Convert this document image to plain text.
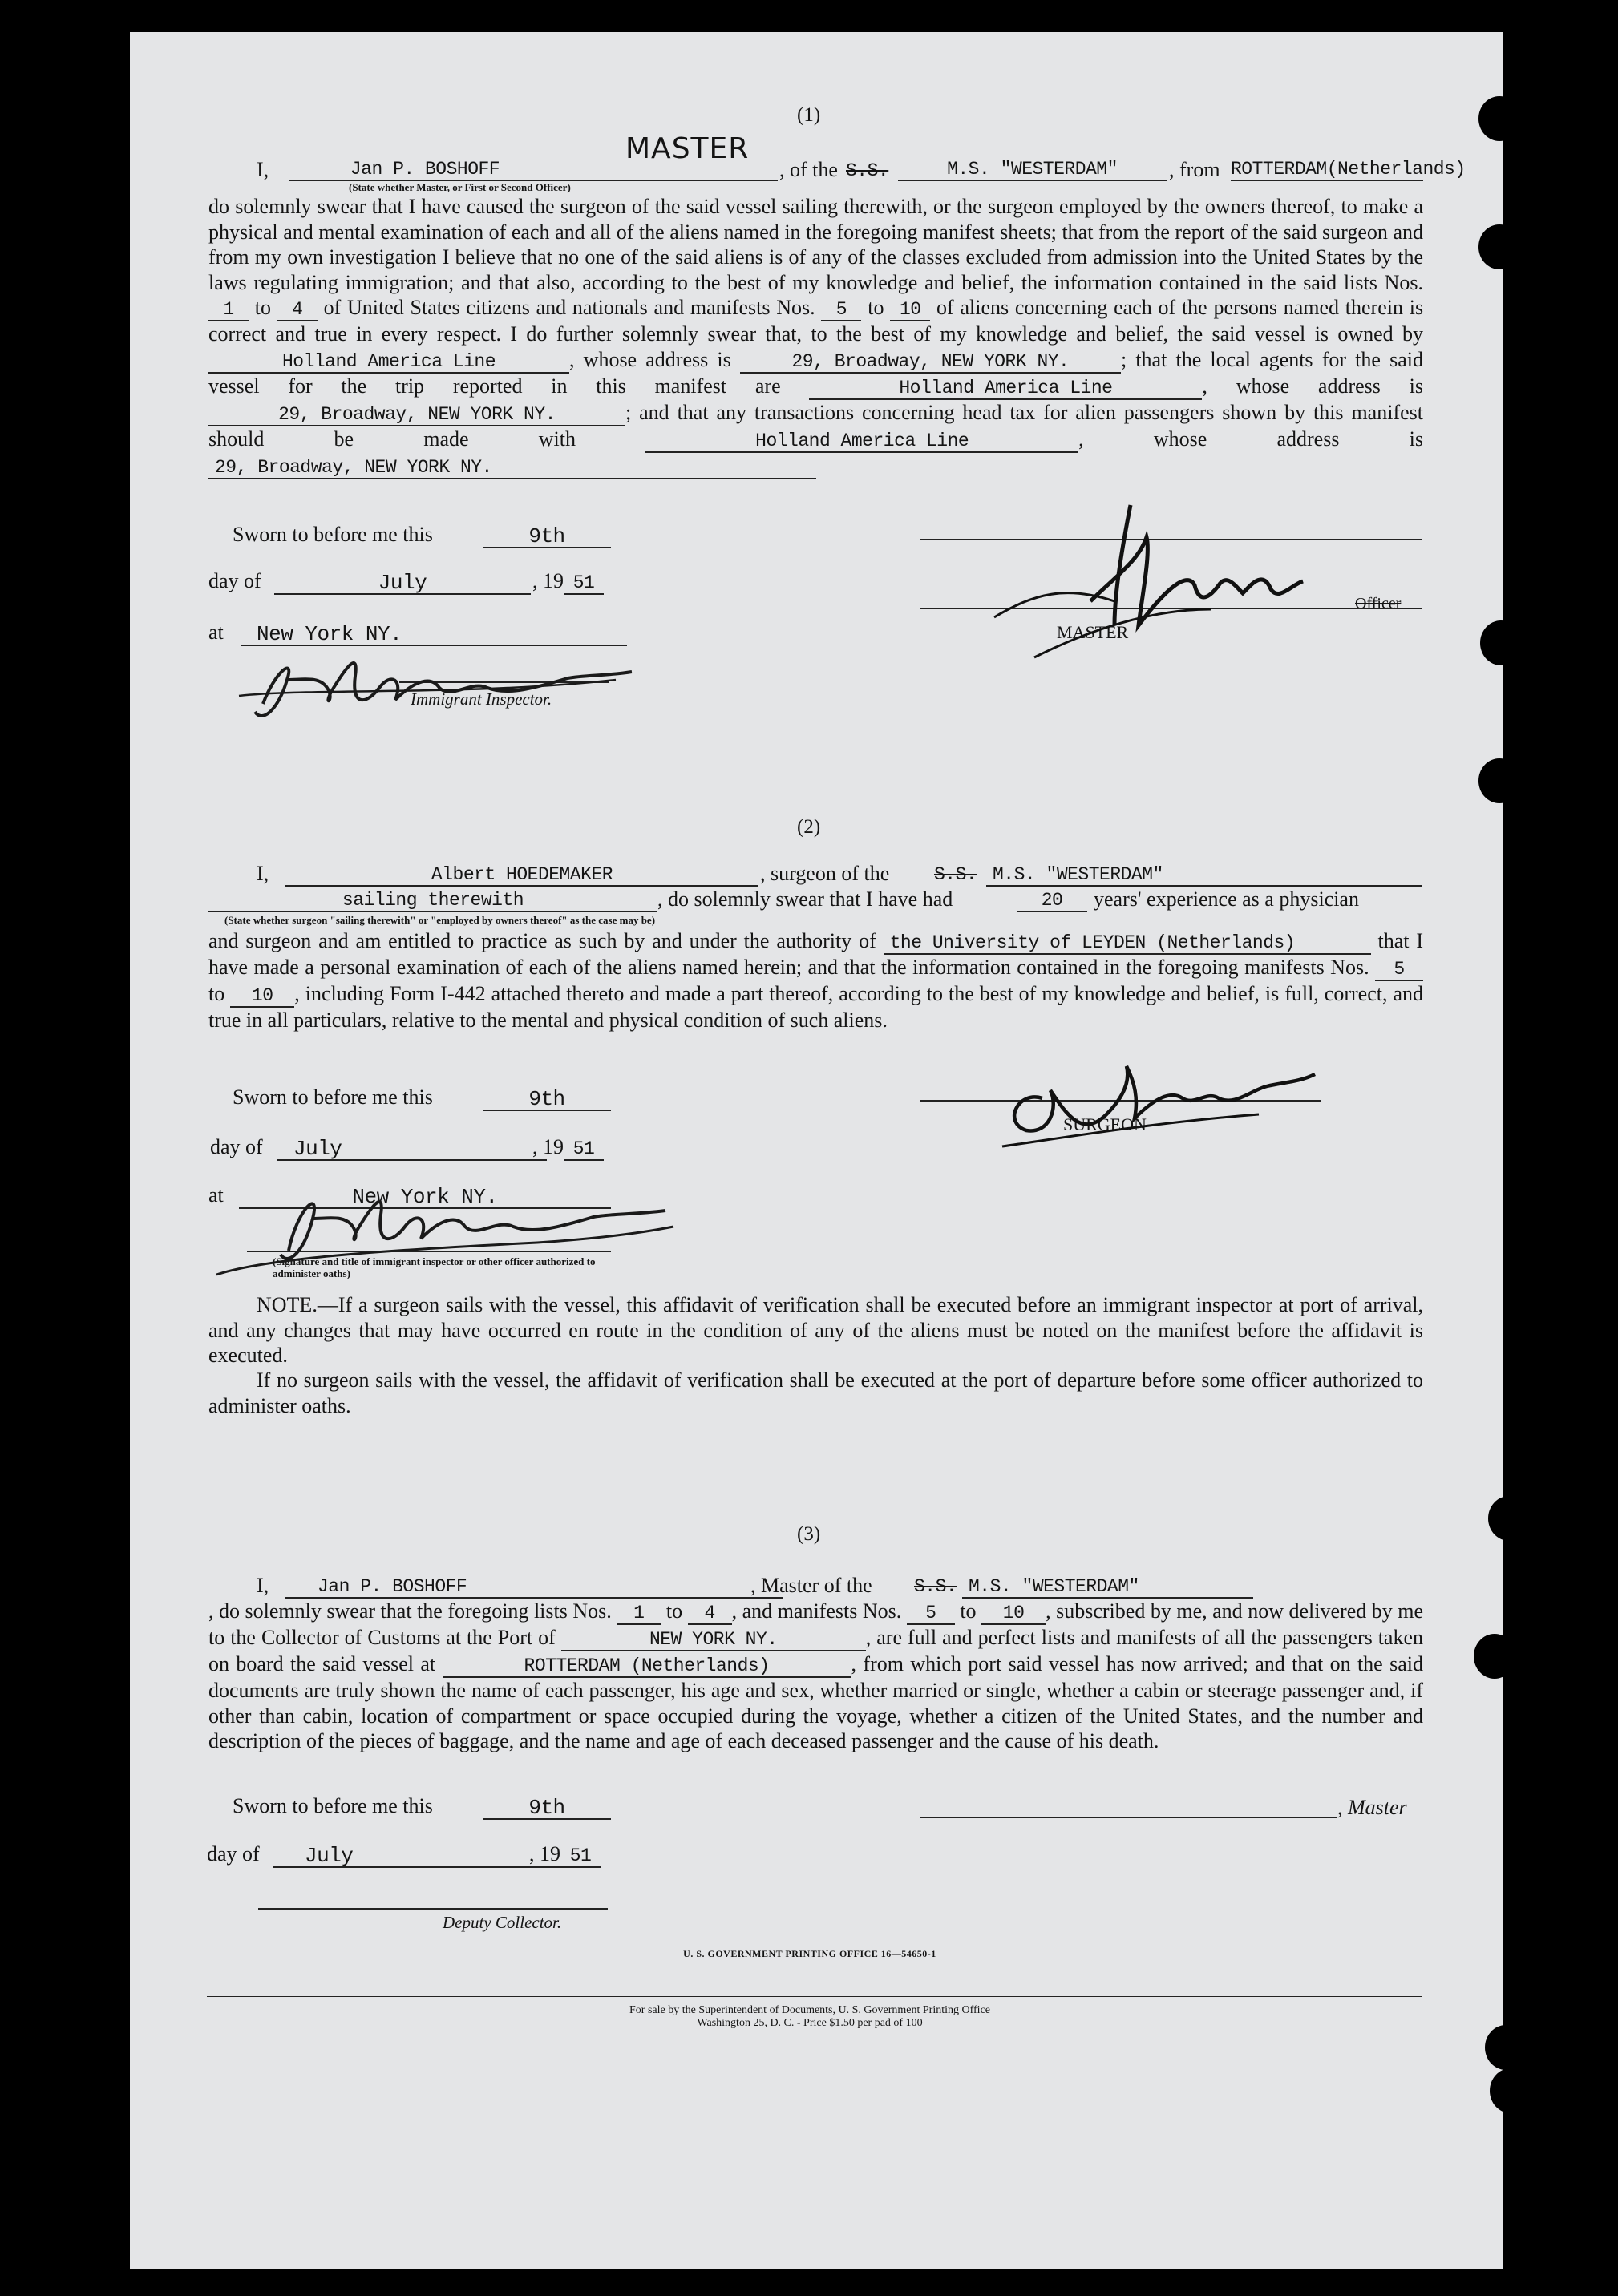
(1)
I,	Jan P. BOSHOFF
MASTER
(State whether Master, or First or Second Officer)
, of the S.S.	M.S. "WESTERDAM"	, from ROTTERDAM(Netherlands)
do solemnly swear that I have caused the surgeon of the said vessel sailing therewith, or the surgeon employed by the owners thereof, to make a physical and mental examination of each and all of the aliens named in the foregoing manifest sheets; that from the report of the said surgeon and from my own investigation I believe that no one of the said aliens is of any of the classes excluded from admission into the United States by the laws regulating immigration; and that also, according to the best of my knowledge and belief, the information contained in the said lists Nos. 1 to 4 of United States citizens and nationals and manifests Nos. 5 to 10 of aliens concerning each of the persons named therein is correct and true in every respect. I do further solemnly swear that, to the best of my knowledge and belief, the said vessel is owned by Holland America Line	, whose address is	29, Broadway, NEW YORK NY. ; that the local agents for the said vessel for the trip reported in this manifest are	Holland America Line	, whose address is 29, Broadway, NEW YORK NY.	; and that any transactions concerning head tax for alien passengers shown by this manifest should be made with	Holland America Line	, whose address is 29, Broadway, NEW YORK NY.
Sworn to before me this	9th
day of	July	, 19 51
at	New York NY.
Immigrant Inspector.
MASTER
Officer
(2)
I,	Albert HOEDEMAKER	, surgeon of the S.S. M.S. "WESTERDAM"
sailing therewith	, do solemnly swear that I have had	20	years' experience as a physician
(State whether surgeon "sailing therewith" or "employed by owners thereof" as the case may be)
and surgeon and am entitled to practice as such by and under the authority of the University of LEYDEN (Netherlands)	that I have made a personal examination of each of the aliens named herein; and that the information contained in the foregoing manifests Nos. 5 to 10 , including Form I-442 attached thereto and made a part thereof, according to the best of my knowledge and belief, is full, correct, and true in all particulars, relative to the mental and physical condition of such aliens.
Sworn to before me this	9th
day of	July	, 19 51
at	New York NY.
(Signature and title of immigrant inspector or other officer authorized to administer oaths)
SURGEON
NOTE.—If a surgeon sails with the vessel, this affidavit of verification shall be executed before an immigrant inspector at port of arrival, and any changes that may have occurred en route in the condition of any of the aliens must be noted on the manifest before the affidavit is executed.
If no surgeon sails with the vessel, the affidavit of verification shall be executed at the port of departure before some officer authorized to administer oaths.
(3)
I,	Jan P. BOSHOFF	, Master of the S.S. M.S. "WESTERDAM"
, do solemnly swear that the foregoing lists Nos. 1 to 4 , and manifests Nos. 5 to 10 , subscribed by me, and now delivered by me to the Collector of Customs at the Port of	NEW YORK NY.	, are full and perfect lists and manifests of all the passengers taken on board the said vessel at	ROTTERDAM (Netherlands)	, from which port said vessel has now arrived; and that on the said documents are truly shown the name of each passenger, his age and sex, whether married or single, whether a cabin or steerage passenger and, if other than cabin, location of compartment or space occupied during the voyage, whether a citizen of the United States, and the number and description of the pieces of baggage, and the name and age of each deceased passenger and the cause of his death.
Sworn to before me this	9th	, Master
day of	July	, 19 51
Deputy Collector.
U. S. GOVERNMENT PRINTING OFFICE 16—54650-1
For sale by the Superintendent of Documents, U. S. Government Printing Office
Washington 25, D. C. - Price $1.50 per pad of 100
